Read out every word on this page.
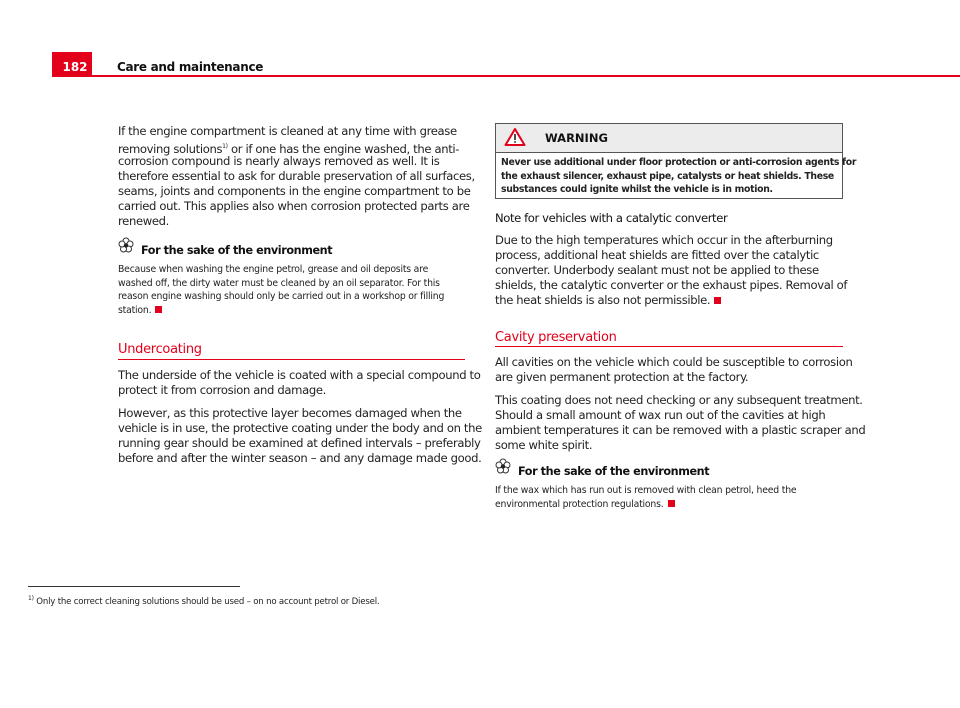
182	Care and maintenance
If the engine compartment is cleaned at any time with grease
removing solutions$^{1)}$ or if one has the engine washed, the anti-
corrosion compound is nearly always removed as well. It is
therefore essential to ask for durable preservation of all surfaces,
seams, joints and components in the engine compartment to be
carried out. This applies also when corrosion protected parts are
renewed.
For the sake of the environment
Because when washing the engine petrol, grease and oil deposits are
washed off, the dirty water must be cleaned by an oil separator. For this
reason engine washing should only be carried out in a workshop or filling
station.
Undercoating
The underside of the vehicle is coated with a special compound to
protect it from corrosion and damage.
However, as this protective layer becomes damaged when the
vehicle is in use, the protective coating under the body and on the
running gear should be examined at defined intervals – preferably
before and after the winter season – and any damage made good.
WARNING
Never use additional under floor protection or anti-corrosion agents for
the exhaust silencer, exhaust pipe, catalysts or heat shields. These
substances could ignite whilst the vehicle is in motion.
Note for vehicles with a catalytic converter
Due to the high temperatures which occur in the afterburning
process, additional heat shields are fitted over the catalytic
converter. Underbody sealant must not be applied to these
shields, the catalytic converter or the exhaust pipes. Removal of
the heat shields is also not permissible.
Cavity preservation
All cavities on the vehicle which could be susceptible to corrosion
are given permanent protection at the factory.
This coating does not need checking or any subsequent treatment.
Should a small amount of wax run out of the cavities at high
ambient temperatures it can be removed with a plastic scraper and
some white spirit.
For the sake of the environment
If the wax which has run out is removed with clean petrol, heed the
environmental protection regulations.
$^{1)}$ Only the correct cleaning solutions should be used – on no account petrol or Diesel.
